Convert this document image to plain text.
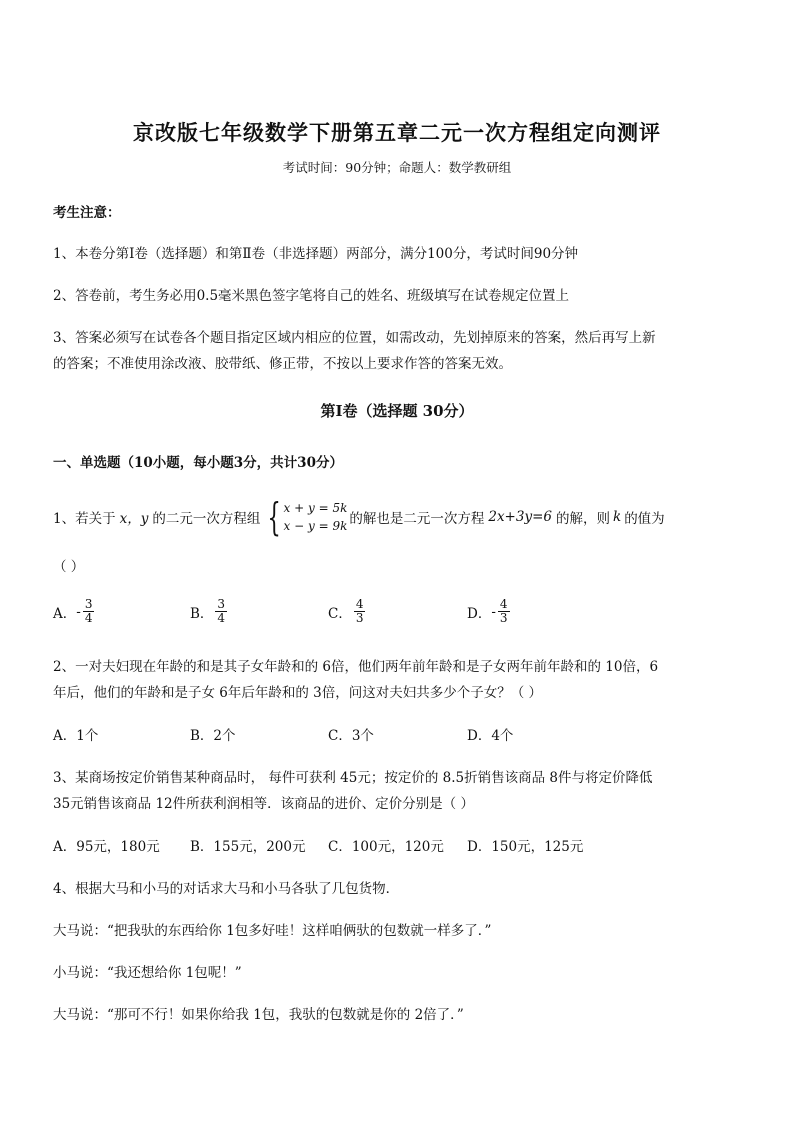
京改版七年级数学下册第五章二元一次方程组定向测评
考试时间：90分钟；命题人：数学教研组
考生注意：
1、本卷分第Ⅰ卷（选择题）和第Ⅱ卷（非选择题）两部分，满分100分，考试时间90分钟
2、答卷前，考生务必用0.5毫米黑色签字笔将自己的姓名、班级填写在试卷规定位置上
3、答案必须写在试卷各个题目指定区域内相应的位置，如需改动，先划掉原来的答案，然后再写上新
的答案；不准使用涂改液、胶带纸、修正带，不按以上要求作答的答案无效。
第Ⅰ卷（选择题 30分）
一、单选题（10小题，每小题3分，共计30分）
1、若关于 x，y 的二元一次方程组 { x + y = 5k
x − y = 9k 的解也是二元一次方程 2x+3y=6 的解，则 k 的值为
（ ）
A． - $\frac{3}{4}$	B． $\frac{3}{4}$	C． $\frac{4}{3}$	D． - $\frac{4}{3}$
2、一对夫妇现在年龄的和是其子女年龄和的 6倍，他们两年前年龄和是子女两年前年龄和的 10倍，6
年后，他们的年龄和是子女 6年后年龄和的 3倍，问这对夫妇共多少个子女？（ ）
A．1个	B．2个	C．3个	D．4个
3、某商场按定价销售某种商品时， 每件可获利 45元；按定价的 8.5折销售该商品 8件与将定价降低
35元销售该商品 12件所获利润相等．该商品的进价、定价分别是（ ）
A．95元，180元 B．155元，200元 C．100元，120元 D．150元，125元
4、根据大马和小马的对话求大马和小马各驮了几包货物．
大马说：“把我驮的东西给你 1包多好哇！这样咱俩驮的包数就一样多了．”
小马说：“我还想给你 1包呢！”
大马说：“那可不行！如果你给我 1包，我驮的包数就是你的 2倍了．”
